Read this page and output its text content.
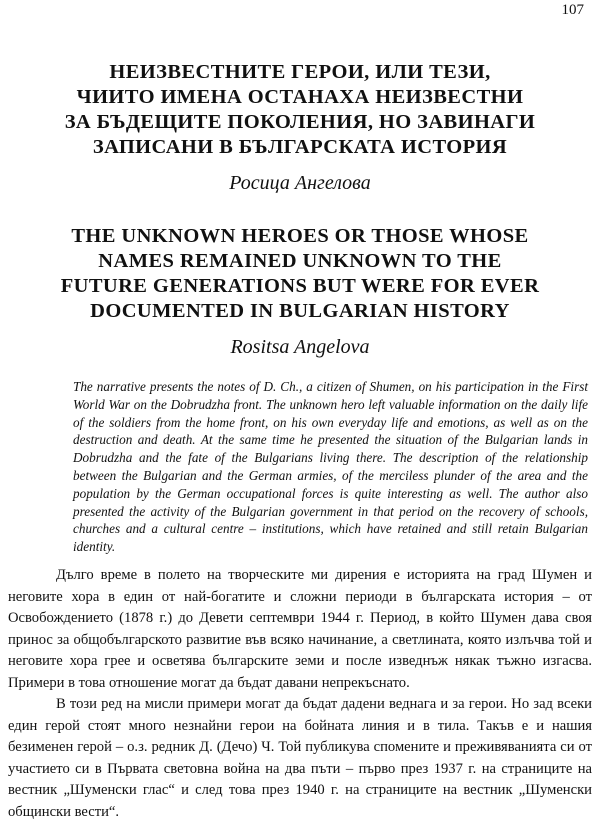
107
НЕИЗВЕСТНИТЕ ГЕРОИ, ИЛИ ТЕЗИ,
ЧИИТО ИМЕНА ОСТАНАХА НЕИЗВЕСТНИ
ЗА БЪДЕЩИТЕ ПОКОЛЕНИЯ, НО ЗАВИНАГИ
ЗАПИСАНИ В БЪЛГАРСКАТА ИСТОРИЯ
Росица Ангелова
THE UNKNOWN HEROES OR THOSE WHOSE
NAMES REMAINED UNKNOWN TO THE
FUTURE GENERATIONS BUT WERE FOR EVER
DOCUMENTED IN BULGARIAN HISTORY
Rositsa Angelova

The narrative presents the notes of D. Ch., a citizen of Shumen, on his participation in the First World War on the Dobrudzha front. The unknown hero left valuable information on the daily life of the soldiers from the home front, on his own everyday life and emotions, as well as on the destruction and death. At the same time he presented the situation of the Bulgarian lands in Dobrudzha and the fate of the Bulgarians living there. The description of the relationship between the Bulgarian and the German armies, of the merciless plunder of the area and the population by the German occupational forces is quite interesting as well. The author also presented the activity of the Bulgarian government in that period on the recovery of schools, churches and a cultural centre – institutions, which have retained and still retain Bulgarian identity.

Дълго време в полето на творческите ми дирения е историята на град Шумен и неговите хора в един от най-богатите и сложни периоди в българската история – от Освобождението (1878 г.) до Девети септември 1944 г. Период, в който Шумен дава своя принос за общобългарското развитие във всяко начинание, а светлината, която излъчва той и неговите хора грее и осветява българските земи и после изведнъж някак тъжно изгасва. Примери в това отношение могат да бъдат давани непрекъснато.

В този ред на мисли примери могат да бъдат дадени веднага и за герои. Но зад всеки един герой стоят много незнайни герои на бойната линия и в тила. Такъв е и нашия безименен герой – о.з. редник Д. (Дечо) Ч. Той публикува спомените и преживяванията си от участието си в Първата световна война на два пъти – първо през 1937 г. на страниците на вестник „Шуменски глас“ и след това през 1940 г. на страниците на вестник „Шуменски общински вести“.
